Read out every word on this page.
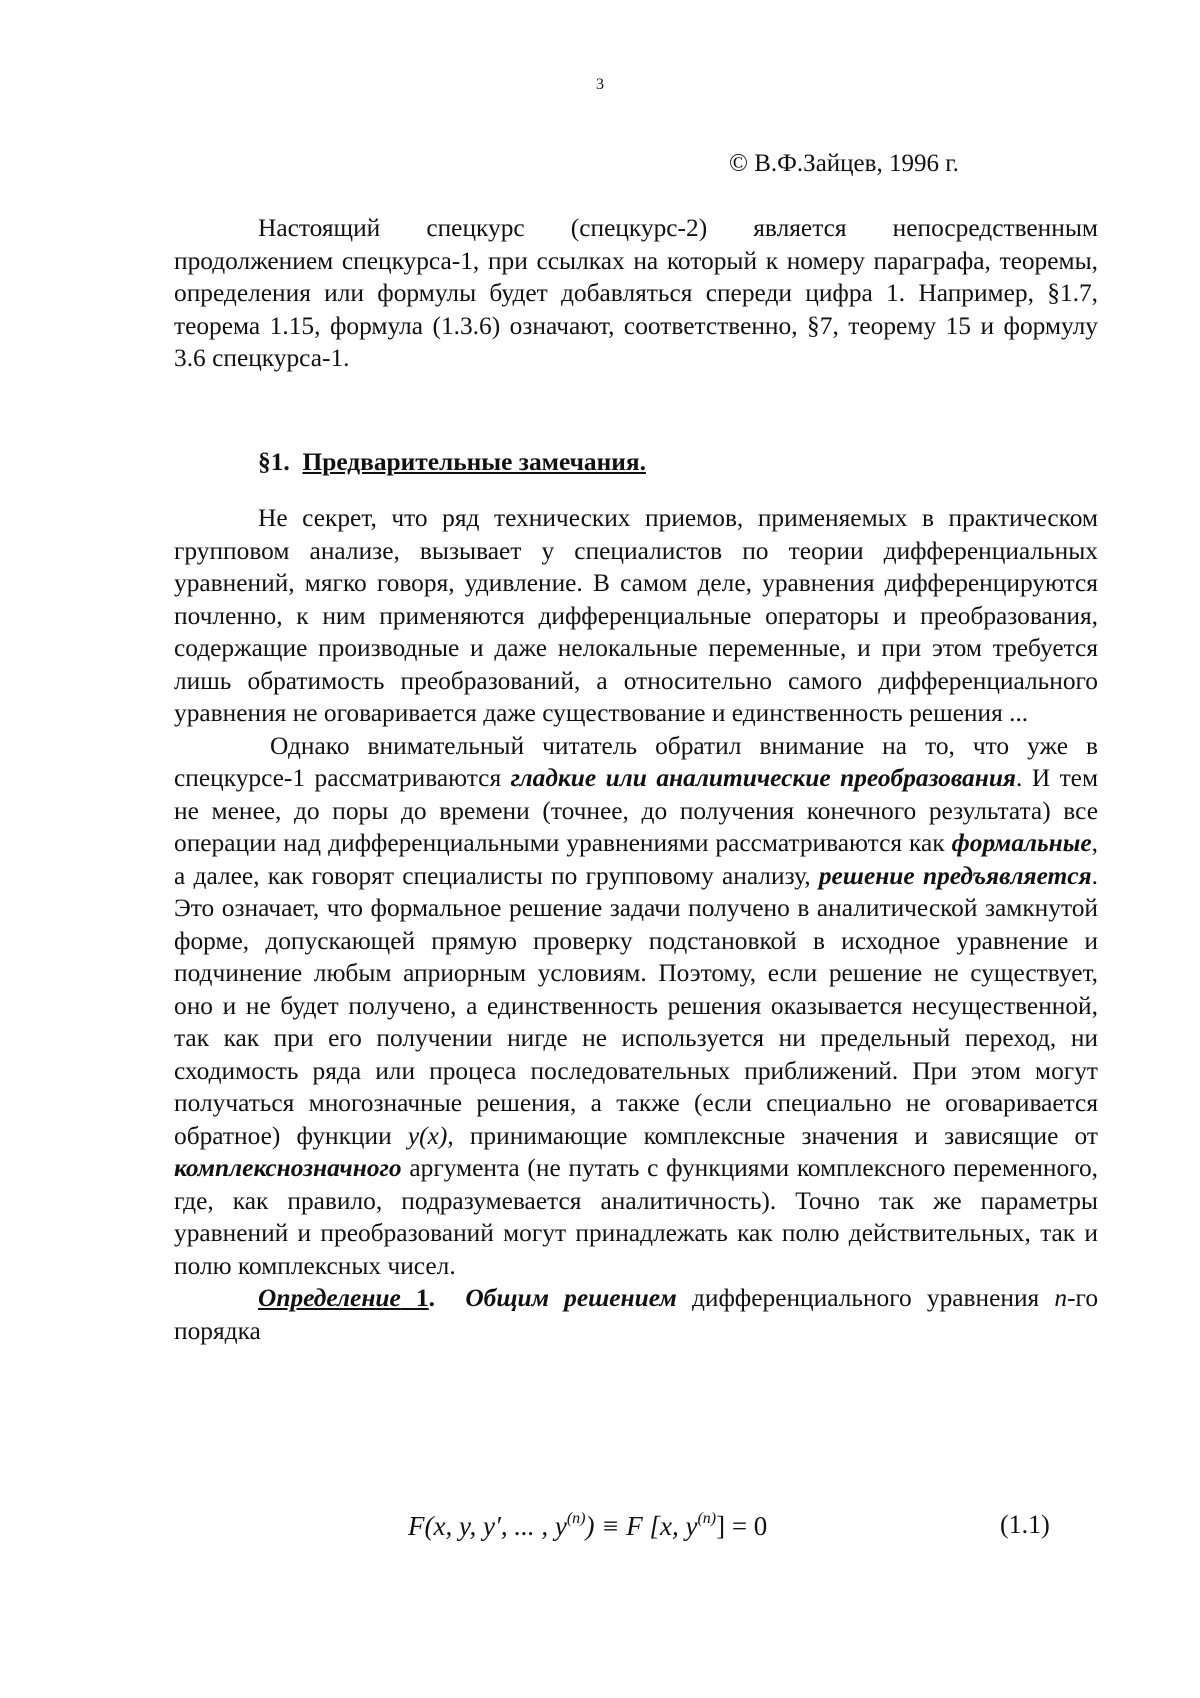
3
© В.Ф.Зайцев, 1996 г.

Настоящий спецкурс (спецкурс-2) является непосредственным продолжением спецкурса-1, при ссылках на который к номеру параграфа, теоремы, определения или формулы будет добавляться спереди цифра 1. Например, §1.7, теорема 1.15, формула (1.3.6) означают, соответственно, §7, теорему 15 и формулу 3.6 спецкурса-1.

§1. Предварительные замечания.

Не секрет, что ряд технических приемов, применяемых в практическом групповом анализе, вызывает у специалистов по теории дифференциальных уравнений, мягко говоря, удивление. В самом деле, уравнения дифференцируются почленно, к ним применяются дифференциальные операторы и преобразования, содержащие производные и даже нелокальные переменные, и при этом требуется лишь обратимость преобразований, а относительно самого дифференциального уравнения не оговаривается даже существование и единственность решения ...

Однако внимательный читатель обратил внимание на то, что уже в спецкурсе-1 рассматриваются гладкие или аналитические преобразования. И тем не менее, до поры до времени (точнее, до получения конечного результата) все операции над дифференциальными уравнениями рассматриваются как формальные, а далее, как говорят специалисты по групповому анализу, решение предъявляется. Это означает, что формальное решение задачи получено в аналитической замкнутой форме, допускающей прямую проверку подстановкой в исходное уравнение и подчинение любым априорным условиям. Поэтому, если решение не существует, оно и не будет получено, а единственность решения оказывается несущественной, так как при его получении нигде не используется ни предельный переход, ни сходимость ряда или процеса последовательных приближений. При этом могут получаться многозначные решения, а также (если специально не оговаривается обратное) функции y(x), принимающие комплексные значения и зависящие от комплекснозначного аргумента (не путать с функциями комплексного переменного, где, как правило, подразумевается аналитичность). Точно так же параметры уравнений и преобразований могут принадлежать как полю действительных, так и полю комплексных чисел.

Определение 1. Общим решением дифференциального уравнения n-го порядка

F(x, y, y′, ... , $y^{(n)}) \equiv F$ [x, $y^{(n)}] = 0$	(1.1)
